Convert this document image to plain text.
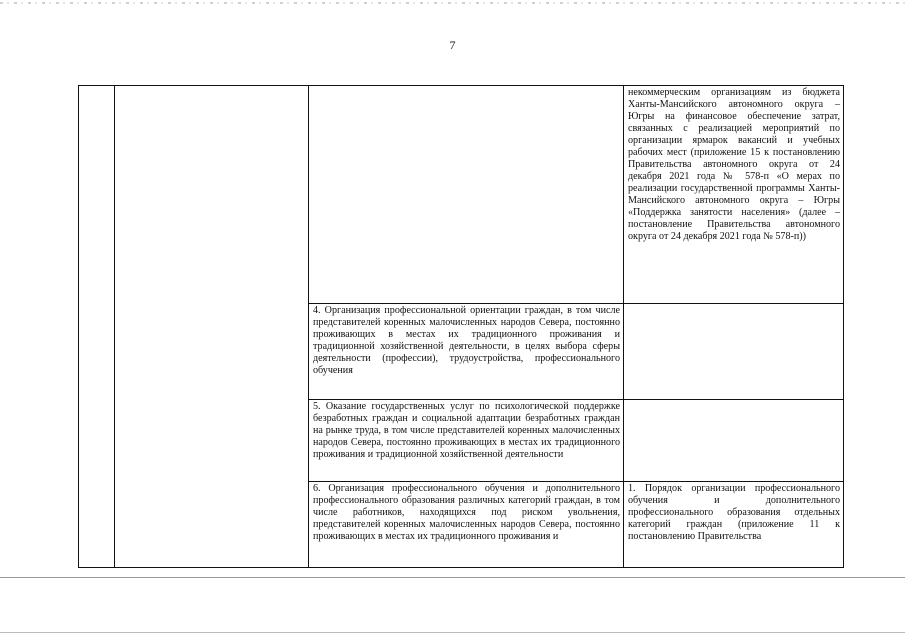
7
			некоммерческим организациям из бюджета Ханты-Мансийского автономного округа – Югры на финансовое обеспечение затрат, связанных с реализацией мероприятий по организации ярмарок вакансий и учебных рабочих мест (приложение 15 к постановлению Правительства автономного округа от 24 декабря 2021 года № 578-п «О мерах по реализации государственной программы Ханты-Мансийского автономного округа – Югры «Поддержка занятости населения» (далее – постановление Правительства автономного округа от 24 декабря 2021 года № 578-п))
		4. Организация профессиональной ориентации граждан, в том числе представителей коренных малочисленных народов Севера, постоянно проживающих в местах их традиционного проживания и традиционной хозяйственной деятельности, в целях выбора сферы деятельности (профессии), трудоустройства, профессионального обучения	
		5. Оказание государственных услуг по психологической поддержке безработных граждан и социальной адаптации безработных граждан на рынке труда, в том числе представителей коренных малочисленных народов Севера, постоянно проживающих в местах их традиционного проживания и традиционной хозяйственной деятельности	

		6. Организация профессионального обучения и дополнительного профессионального образования различных категорий граждан, в том числе работников, находящихся под риском увольнения, представителей коренных малочисленных народов Севера, постоянно проживающих в местах их традиционного проживания и	1. Порядок организации профессионального обучения и дополнительного профессионального образования отдельных категорий граждан (приложение 11 к постановлению Правительства
